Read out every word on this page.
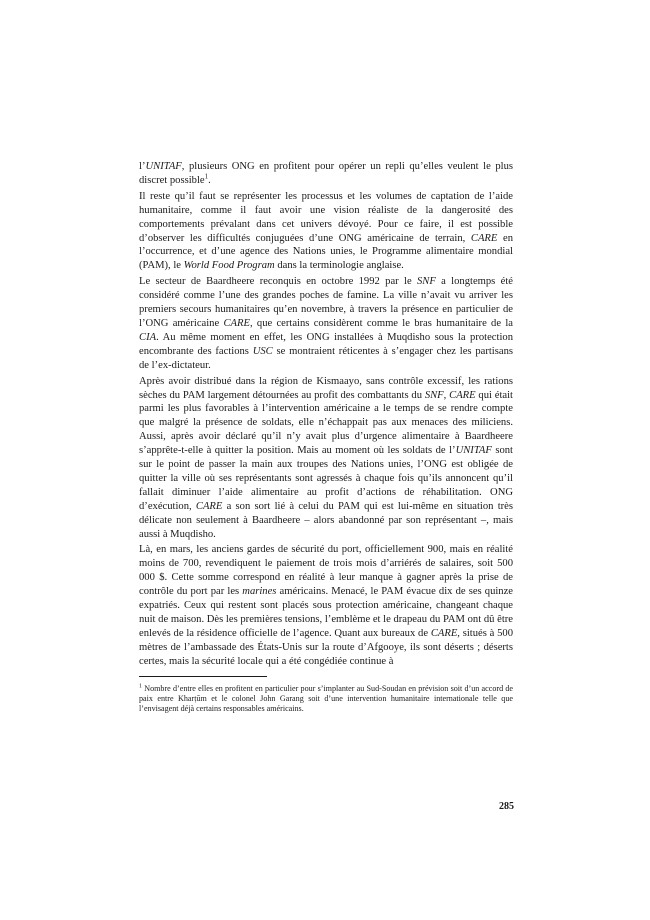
l’UNITAF, plusieurs ONG en profitent pour opérer un repli qu’elles veulent le plus discret possible$^1$.

Il reste qu’il faut se représenter les processus et les volumes de captation de l’aide humanitaire, comme il faut avoir une vision réaliste de la dangerosité des comportements prévalant dans cet univers dévoyé. Pour ce faire, il est possible d’observer les difficultés conjuguées d’une ONG américaine de terrain, CARE en l’occurrence, et d’une agence des Nations unies, le Programme alimentaire mondial (PAM), le World Food Program dans la terminologie anglaise.

Le secteur de Baardheere reconquis en octobre 1992 par le SNF a longtemps été considéré comme l’une des grandes poches de famine. La ville n’avait vu arriver les premiers secours humanitaires qu’en novembre, à travers la présence en particulier de l’ONG américaine CARE, que certains considèrent comme le bras humanitaire de la CIA. Au même moment en effet, les ONG installées à Muqdisho sous la protection encombrante des factions USC se montraient réticentes à s’engager chez les partisans de l’ex-dictateur.

Après avoir distribué dans la région de Kismaayo, sans contrôle excessif, les rations sèches du PAM largement détournées au profit des combattants du SNF, CARE qui était parmi les plus favorables à l’intervention américaine a le temps de se rendre compte que malgré la présence de soldats, elle n’échappait pas aux menaces des miliciens. Aussi, après avoir déclaré qu’il n’y avait plus d’urgence alimentaire à Baardheere s’apprête-t-elle à quitter la position. Mais au moment où les soldats de l’UNITAF sont sur le point de passer la main aux troupes des Nations unies, l’ONG est obligée de quitter la ville où ses représentants sont agressés à chaque fois qu’ils annoncent qu’il fallait diminuer l’aide alimentaire au profit d’actions de réhabilitation. ONG d’exécution, CARE a son sort lié à celui du PAM qui est lui-même en situation très délicate non seulement à Baardheere – alors abandonné par son représentant –, mais aussi à Muqdisho.

Là, en mars, les anciens gardes de sécurité du port, officiellement 900, mais en réalité moins de 700, revendiquent le paiement de trois mois d’arriérés de salaires, soit 500 000 $. Cette somme correspond en réalité à leur manque à gagner après la prise de contrôle du port par les marines américains. Menacé, le PAM évacue dix de ses quinze expatriés. Ceux qui restent sont placés sous protection américaine, changeant chaque nuit de maison. Dès les premières tensions, l’emblème et le drapeau du PAM ont dû être enlevés de la résidence officielle de l’agence. Quant aux bureaux de CARE, situés à 500 mètres de l’ambassade des États-Unis sur la route d’Afgooye, ils sont déserts ; déserts certes, mais la sécurité locale qui a été congédiée continue à

$^1$ Nombre d’entre elles en profitent en particulier pour s’implanter au Sud-Soudan en prévision soit d’un accord de paix entre Kharṭūm et le colonel John Garang soit d’une intervention humanitaire internationale telle que l’envisagent déjà certains responsables américains.

285
